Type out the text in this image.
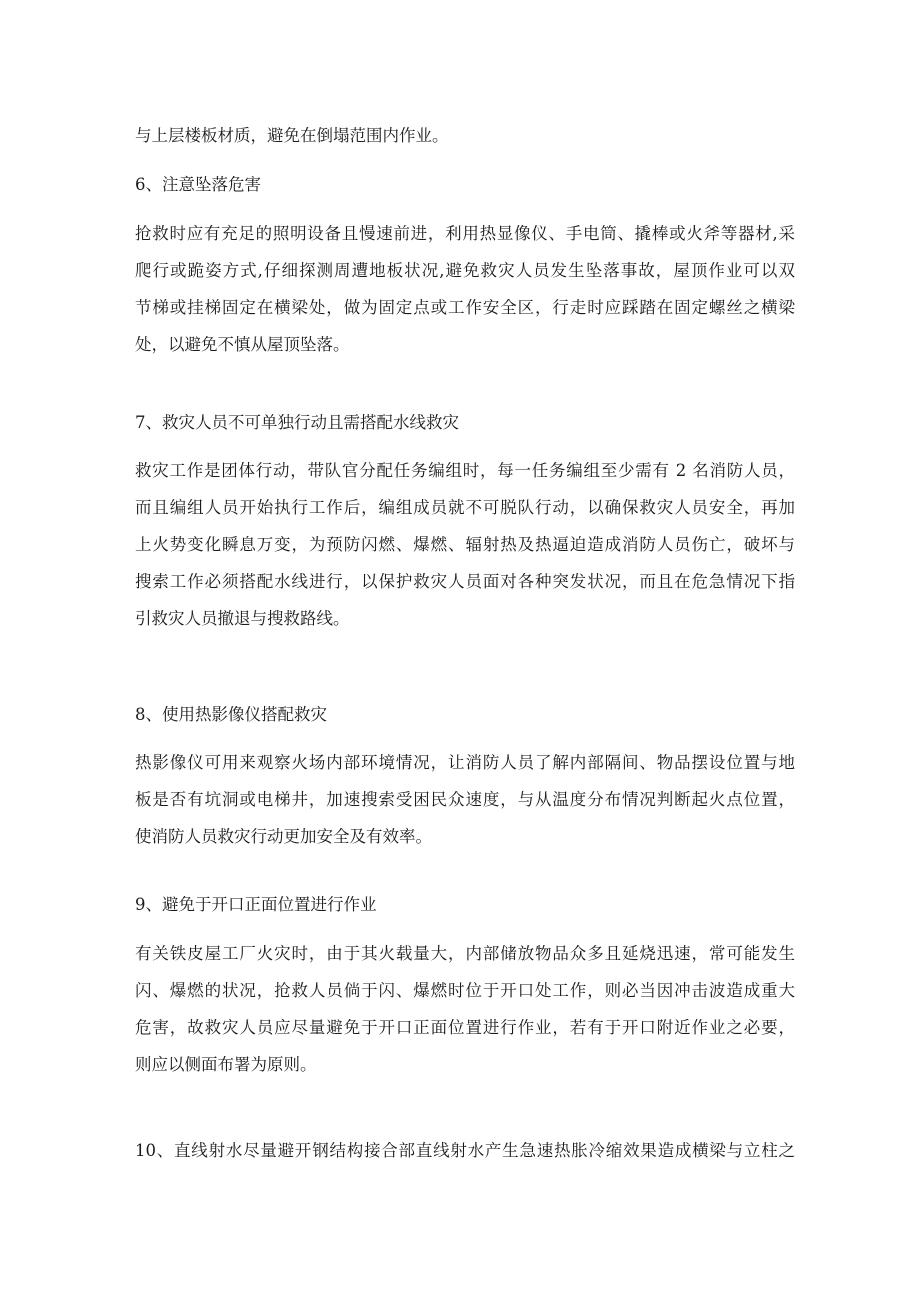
与上层楼板材质，避免在倒塌范围内作业。
6、注意坠落危害
抢救时应有充足的照明设备且慢速前进，利用热显像仪、手电筒、撬棒或火斧等器材,采
爬行或跪姿方式,仔细探测周遭地板状况,避免救灾人员发生坠落事故，屋顶作业可以双
节梯或挂梯固定在横梁处，做为固定点或工作安全区，行走时应踩踏在固定螺丝之横梁
处，以避免不慎从屋顶坠落。
7、救灾人员不可单独行动且需搭配水线救灾
救灾工作是团体行动，带队官分配任务编组时，每一任务编组至少需有 2 名消防人员，
而且编组人员开始执行工作后，编组成员就不可脱队行动，以确保救灾人员安全，再加
上火势变化瞬息万变，为预防闪燃、爆燃、辐射热及热逼迫造成消防人员伤亡，破坏与
搜索工作必须搭配水线进行，以保护救灾人员面对各种突发状况，而且在危急情况下指
引救灾人员撤退与搜救路线。
8、使用热影像仪搭配救灾
热影像仪可用来观察火场内部环境情况，让消防人员了解内部隔间、物品摆设位置与地
板是否有坑洞或电梯井，加速搜索受困民众速度，与从温度分布情况判断起火点位置，
使消防人员救灾行动更加安全及有效率。
9、避免于开口正面位置进行作业
有关铁皮屋工厂火灾时，由于其火载量大，内部储放物品众多且延烧迅速，常可能发生
闪、爆燃的状况，抢救人员倘于闪、爆燃时位于开口处工作，则必当因冲击波造成重大
危害，故救灾人员应尽量避免于开口正面位置进行作业，若有于开口附近作业之必要，
则应以侧面布署为原则。
10、直线射水尽量避开钢结构接合部直线射水产生急速热胀冷缩效果造成横梁与立柱之
